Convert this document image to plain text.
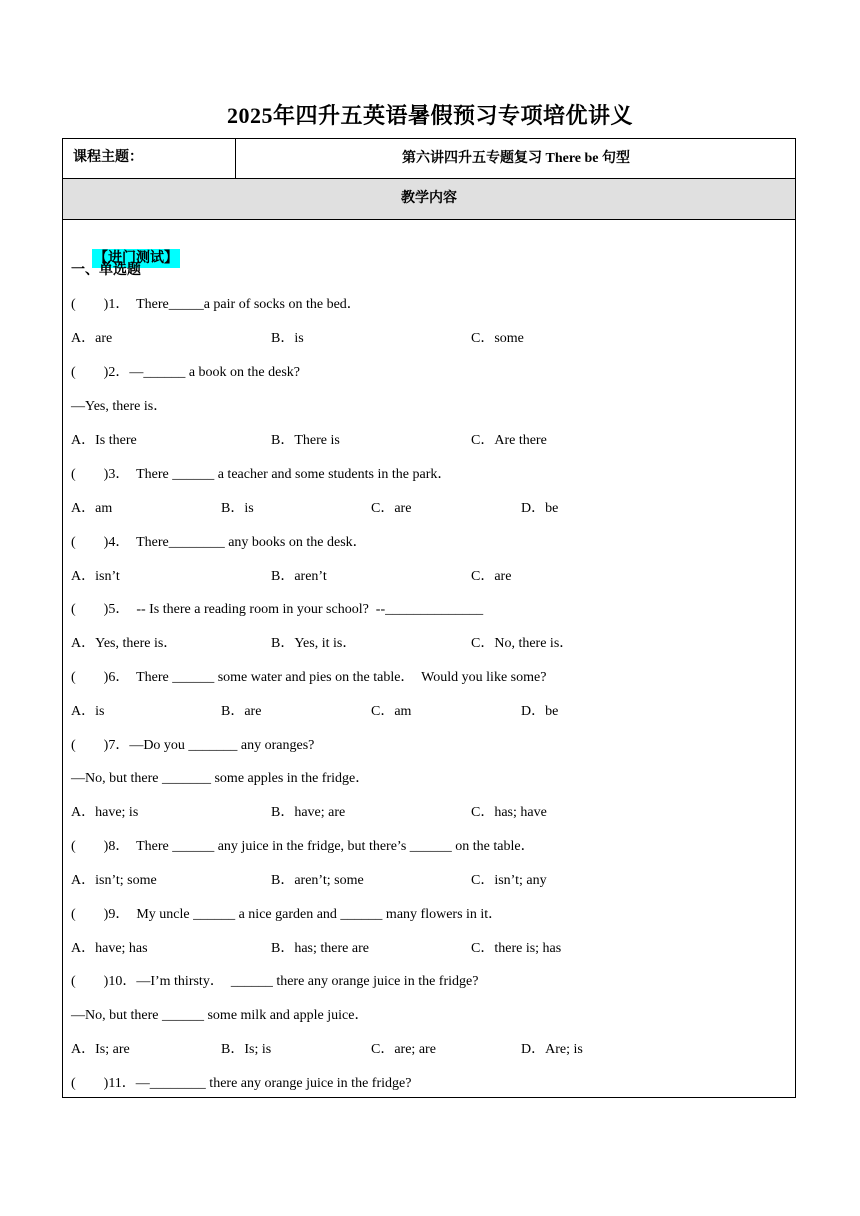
2025年四升五英语暑假预习专项培优讲义
课程主题：	第六讲四升五专题复习 There be 句型
教学内容

【进门测试】

一、单选题
(        )1．  There_____a pair of socks on the bed．
A．are	B．is	C．some
(        )2．—______ a book on the desk?
—Yes, there is．
A．Is there	B．There is	C．Are there
(        )3．  There ______ a teacher and some students in the park．
A．am	B．is	C．are	D．be
(        )4．  There________ any books on the desk．
A．isn’t	B．aren’t	C．are
(        )5．  -- Is there a reading room in your school?  --______________
A．Yes, there is．	B．Yes, it is．	C．No, there is．
(        )6．  There ______ some water and pies on the table．  Would you like some?
A．is	B．are	C．am	D．be
(        )7．—Do you _______ any oranges?
—No, but there _______ some apples in the fridge．
A．have; is	B．have; are	C．has; have
(        )8．  There ______ any juice in the fridge, but there’s ______ on the table．
A．isn’t; some	B．aren’t; some	C．isn’t; any
(        )9．  My uncle ______ a nice garden and ______ many flowers in it．
A．have; has	B．has; there are	C．there is; has
(        )10．—I’m thirsty．  ______ there any orange juice in the fridge?
—No, but there ______ some milk and apple juice．
A．Is; are	B．Is; is	C．are; are	D．Are; is
(        )11．—________ there any orange juice in the fridge?
